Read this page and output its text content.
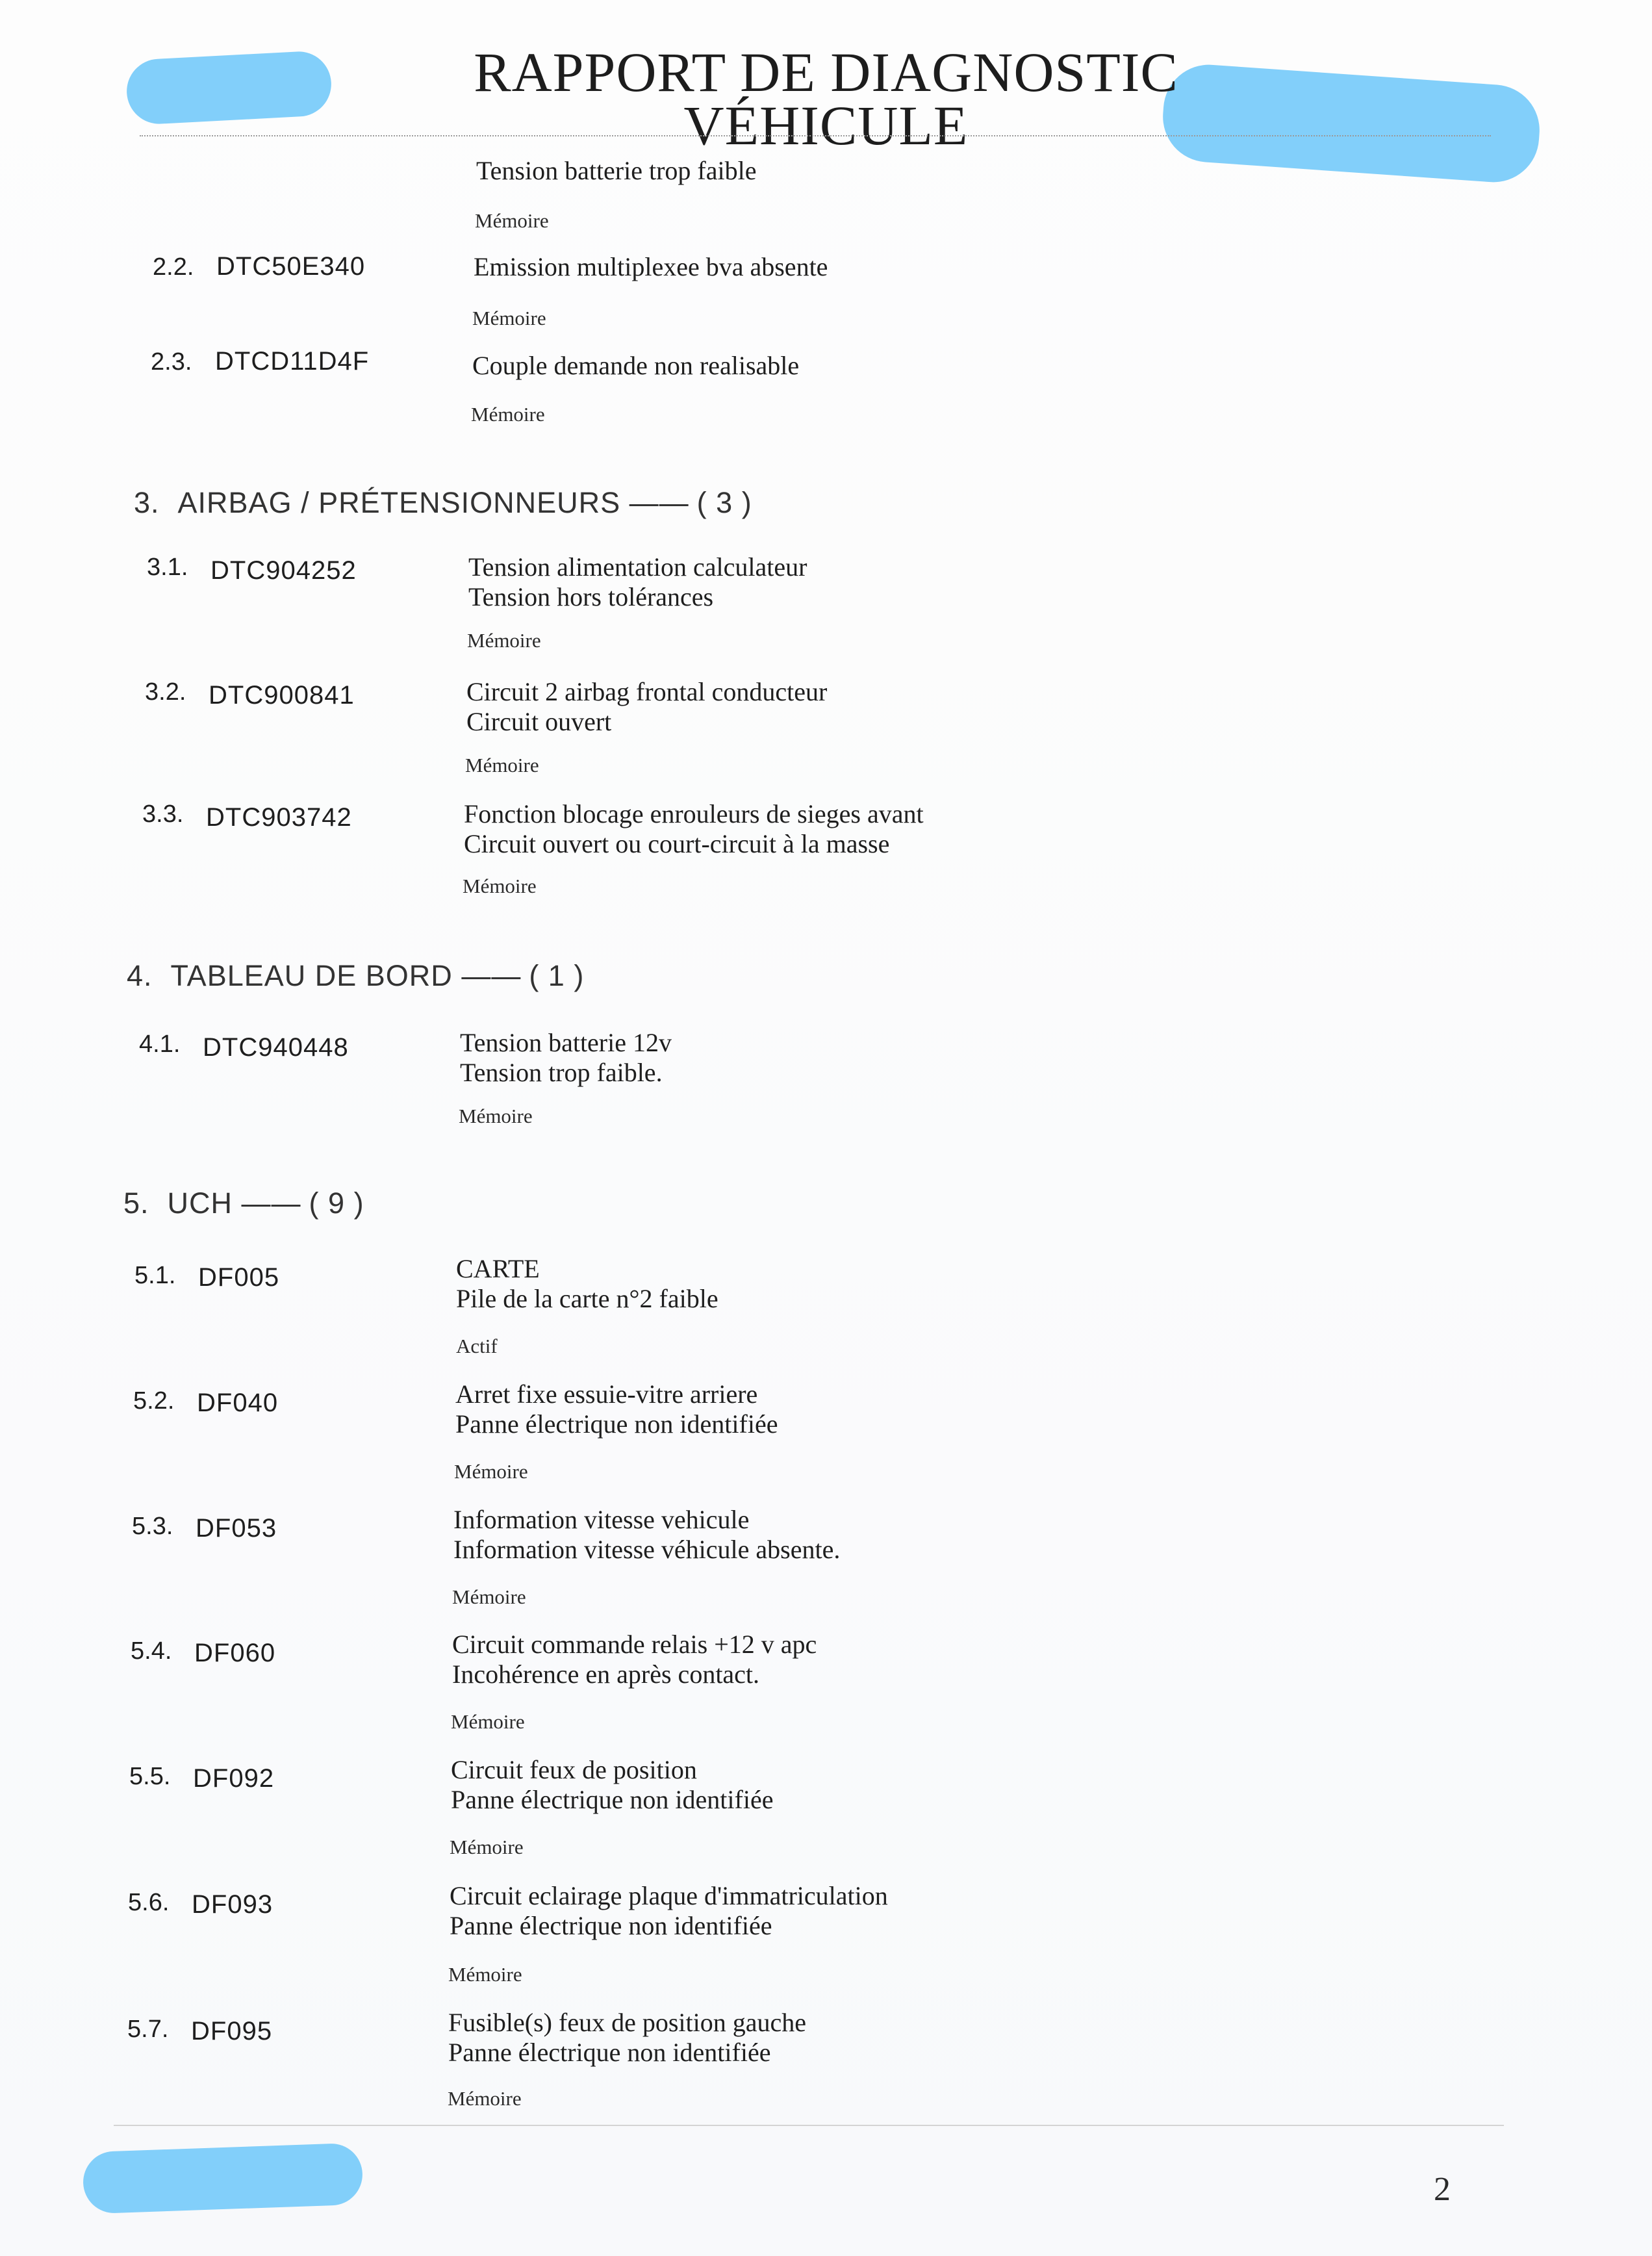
RAPPORT DE DIAGNOSTIC
VÉHICULE
Tension batterie trop faible
Mémoire
2.2. DTC50E340	Emission multiplexee bva absente
Mémoire
2.3. DTCD11D4F	Couple demande non realisable
Mémoire
3. AIRBAG / PRÉTENSIONNEURS —— ( 3 )
3.1. DTC904252	Tension alimentation calculateur
Tension hors tolérances
Mémoire
3.2. DTC900841	Circuit 2 airbag frontal conducteur
Circuit ouvert
Mémoire
3.3. DTC903742	Fonction blocage enrouleurs de sieges avant
Circuit ouvert ou court-circuit à la masse
Mémoire
4. TABLEAU DE BORD —— ( 1 )
4.1. DTC940448	Tension batterie 12v
Tension trop faible.
Mémoire
5. UCH —— ( 9 )
5.1. DF005	CARTE
Pile de la carte n°2 faible
Actif
5.2. DF040	Arret fixe essuie-vitre arriere
Panne électrique non identifiée
Mémoire
5.3. DF053	Information vitesse vehicule
Information vitesse véhicule absente.
Mémoire
5.4. DF060	Circuit commande relais +12 v apc
Incohérence en après contact.
Mémoire
5.5. DF092	Circuit feux de position
Panne électrique non identifiée
Mémoire
5.6. DF093	Circuit eclairage plaque d'immatriculation
Panne électrique non identifiée
Mémoire
5.7. DF095	Fusible(s) feux de position gauche
Panne électrique non identifiée
Mémoire
2
